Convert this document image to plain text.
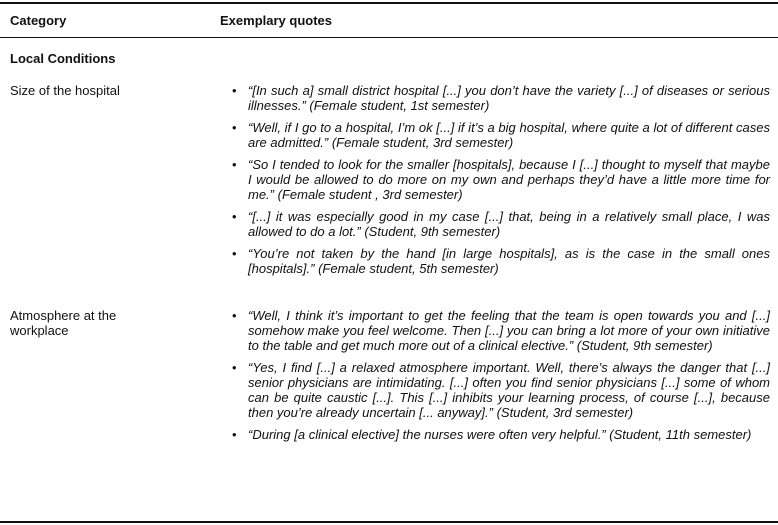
Category	Exemplary quotes
Local Conditions
Size of the hospital	• “[In such a] small district hospital [...] you don’t have the variety [...] of diseases or serious illnesses.” (Female student, 1st semester)
• “Well, if I go to a hospital, I’m ok [...] if it’s a big hospital, where quite a lot of different cases are admitted.” (Female student, 3rd semester)
• “So I tended to look for the smaller [hospitals], because I [...] thought to myself that maybe I would be allowed to do more on my own and perhaps they’d have a little more time for me.” (Female student , 3rd semester)
• “[...] it was especially good in my case [...] that, being in a relatively small place, I was allowed to do a lot.” (Student, 9th semester)
• “You’re not taken by the hand [in large hospitals], as is the case in the small ones [hospitals].” (Female student, 5th semester)
Atmosphere at the workplace
• “Well, I think it’s important to get the feeling that the team is open towards you and [...] somehow make you feel welcome. Then [...] you can bring a lot more of your own initiative to the table and get much more out of a clinical elective.” (Student, 9th semester)
• “Yes, I find [...] a relaxed atmosphere important. Well, there’s always the danger that [...] senior physicians are intimidating. [...] often you find senior physicians [...] some of whom can be quite caustic [...]. This [...] inhibits your learning process, of course [...], because then you’re already uncertain [... anyway].” (Student, 3rd semester)
• “During [a clinical elective] the nurses were often very helpful.” (Student, 11th semester)
